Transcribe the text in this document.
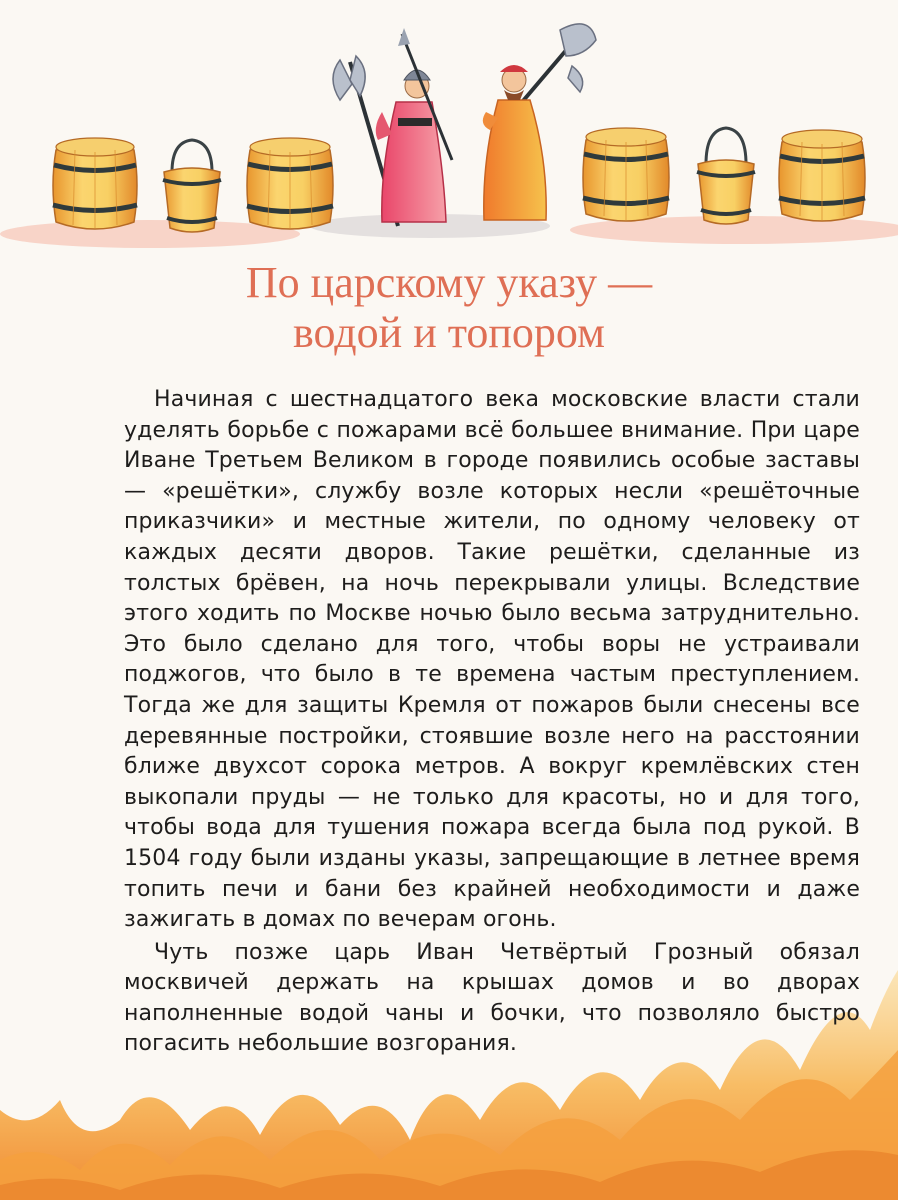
По царскому указу —
водой и топором

Начиная с шестнадцатого века московские власти стали уделять борьбе с пожарами всё большее внимание. При царе Иване Третьем Великом в городе появились особые заставы — «решётки», службу возле которых несли «решёточные приказчики» и местные жители, по одному человеку от каждых десяти дворов. Такие решётки, сделанные из толстых брёвен, на ночь перекрывали улицы. Вследствие этого ходить по Москве ночью было весьма затруднительно. Это было сделано для того, чтобы воры не устраивали поджогов, что было в те времена частым преступлением. Тогда же для защиты Кремля от пожаров были снесены все деревянные постройки, стоявшие возле него на расстоянии ближе двухсот сорока метров. А вокруг кремлёвских стен выкопали пруды — не только для красоты, но и для того, чтобы вода для тушения пожара всегда была под рукой. В 1504 году были изданы указы, запрещающие в летнее время топить печи и бани без крайней необходимости и даже зажигать в домах по вечерам огонь.

Чуть позже царь Иван Четвёртый Грозный обязал москвичей держать на крышах домов и во дворах наполненные водой чаны и бочки, что позволяло быстро погасить небольшие возгорания.
